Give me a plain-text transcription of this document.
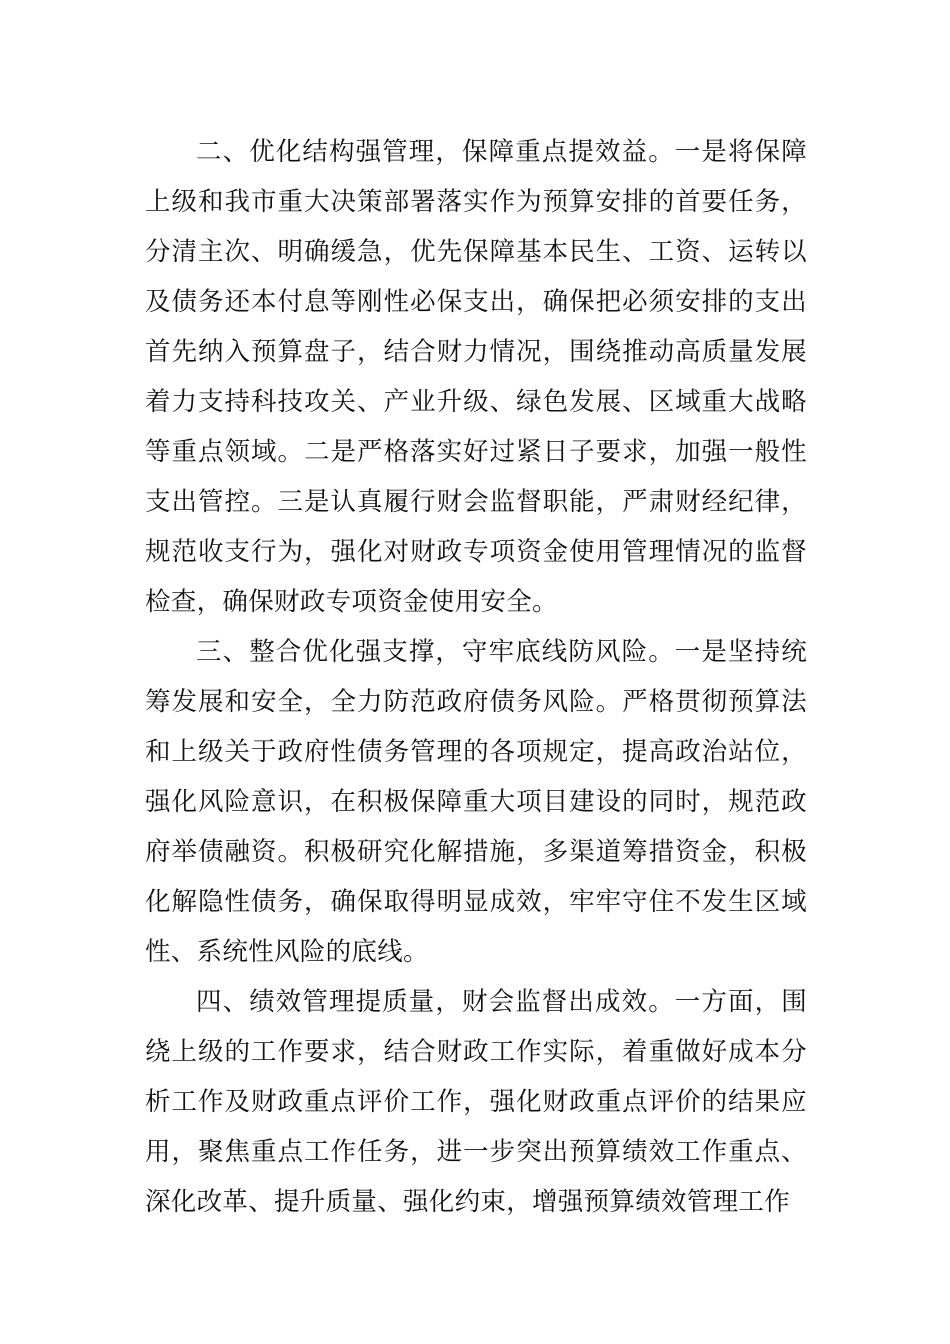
二、优化结构强管理，保障重点提效益。一是将保障上级和我市重大决策部署落实作为预算安排的首要任务，分清主次、明确缓急，优先保障基本民生、工资、运转以及债务还本付息等刚性必保支出，确保把必须安排的支出首先纳入预算盘子，结合财力情况，围绕推动高质量发展着力支持科技攻关、产业升级、绿色发展、区域重大战略等重点领域。二是严格落实好过紧日子要求，加强一般性支出管控。三是认真履行财会监督职能，严肃财经纪律，规范收支行为，强化对财政专项资金使用管理情况的监督检查，确保财政专项资金使用安全。

三、整合优化强支撑，守牢底线防风险。一是坚持统筹发展和安全，全力防范政府债务风险。严格贯彻预算法和上级关于政府性债务管理的各项规定，提高政治站位，强化风险意识，在积极保障重大项目建设的同时，规范政府举债融资。积极研究化解措施，多渠道筹措资金，积极化解隐性债务，确保取得明显成效，牢牢守住不发生区域性、系统性风险的底线。

四、绩效管理提质量，财会监督出成效。一方面，围绕上级的工作要求，结合财政工作实际，着重做好成本分析工作及财政重点评价工作，强化财政重点评价的结果应用，聚焦重点工作任务，进一步突出预算绩效工作重点、深化改革、提升质量、强化约束，增强预算绩效管理工作
